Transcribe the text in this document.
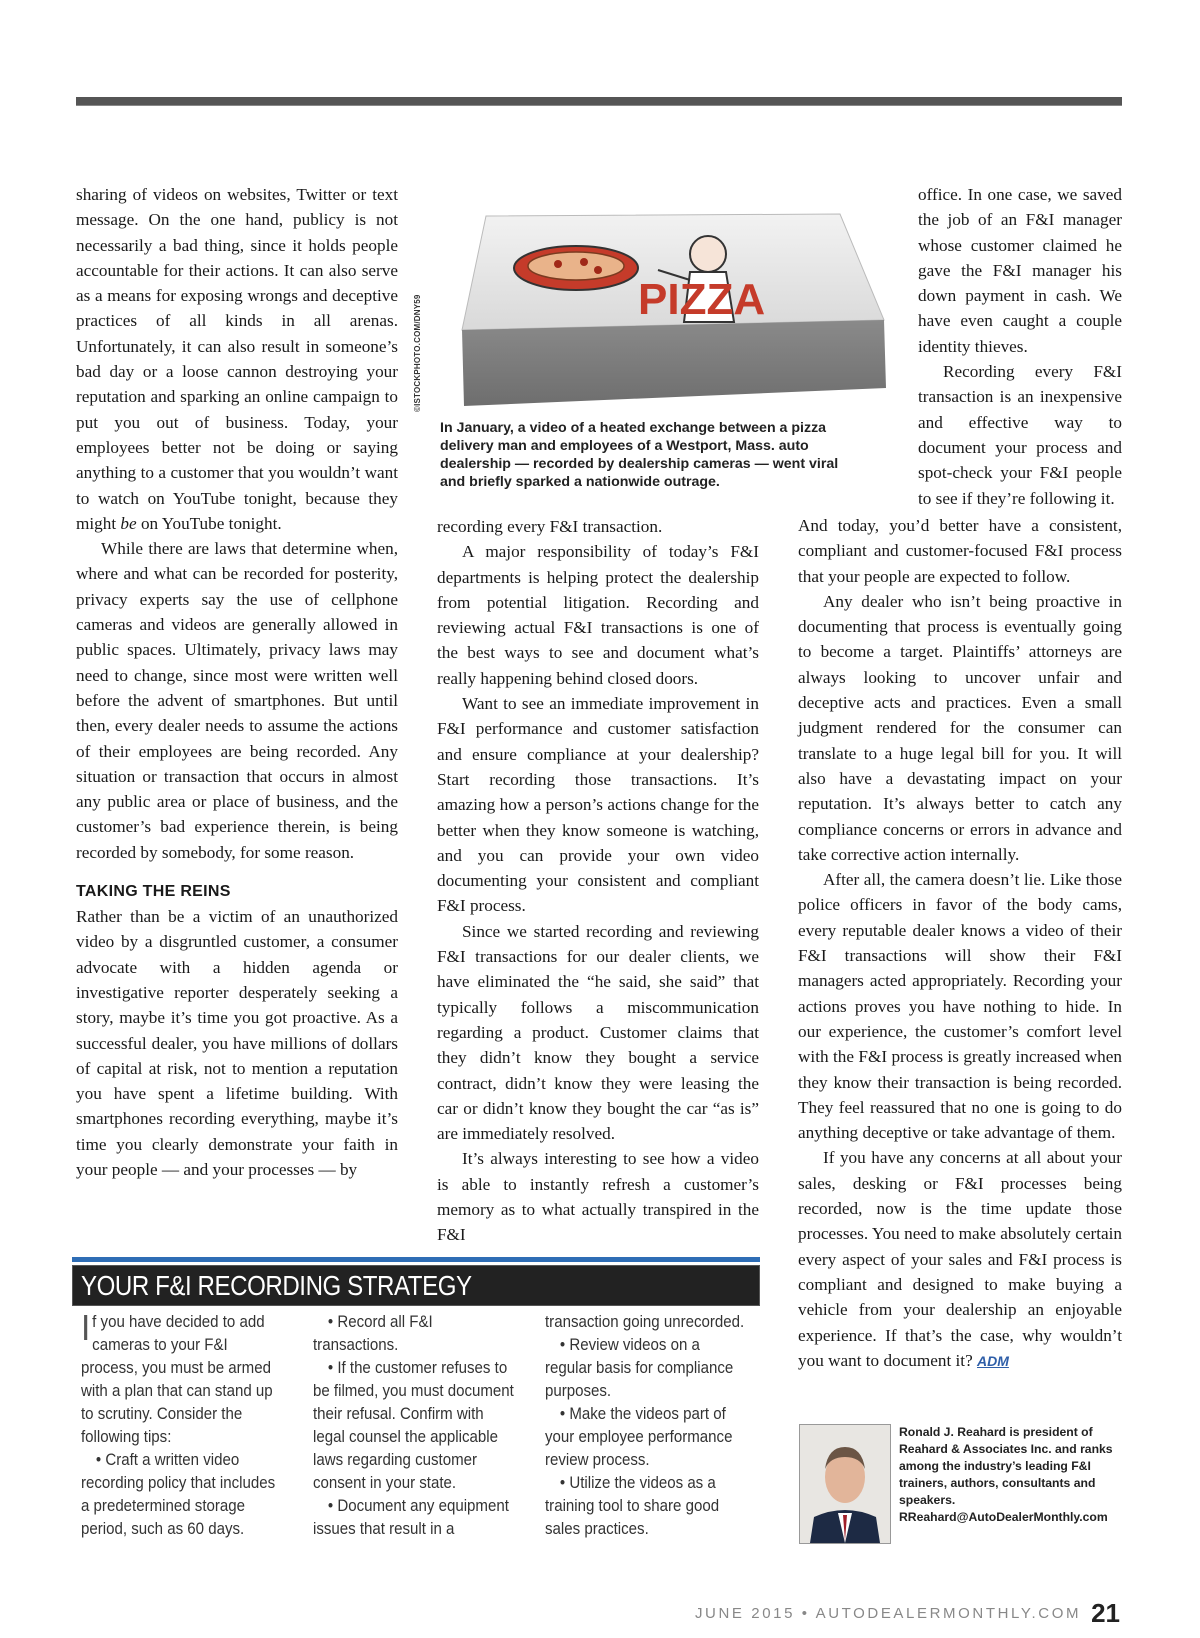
sharing of videos on websites, Twitter or text message. On the one hand, publicy is not necessarily a bad thing, since it holds people accountable for their actions. It can also serve as a means for exposing wrongs and deceptive practices of all kinds in all arenas. Unfortunately, it can also result in someone’s bad day or a loose cannon destroying your reputation and sparking an online campaign to put you out of business. Today, your employees better not be doing or saying anything to a customer that you wouldn’t want to watch on YouTube tonight, because they might be on YouTube tonight.

While there are laws that determine when, where and what can be recorded for posterity, privacy experts say the use of cellphone cameras and videos are generally allowed in public spaces. Ultimately, privacy laws may need to change, since most were written well before the advent of smartphones. But until then, every dealer needs to assume the actions of their employees are being recorded. Any situation or transaction that occurs in almost any public area or place of business, and the customer’s bad experience therein, is being recorded by somebody, for some reason.

TAKING THE REINS

Rather than be a victim of an unauthorized video by a disgruntled customer, a consumer advocate with a hidden agenda or investigative reporter desperately seeking a story, maybe it’s time you got proactive. As a successful dealer, you have millions of dollars of capital at risk, not to mention a reputation you have spent a lifetime building. With smartphones recording everything, maybe it’s time you clearly demonstrate your faith in your people — and your processes — by

PIZZA
©ISTOCKPHOTO.COM/DNY59
In January, a video of a heated exchange between a pizza delivery man and employees of a Westport, Mass. auto dealership — recorded by dealership cameras — went viral and briefly sparked a nationwide outrage.

recording every F&I transaction.

A major responsibility of today’s F&I departments is helping protect the dealership from potential litigation. Recording and reviewing actual F&I transactions is one of the best ways to see and document what’s really happening behind closed doors.

Want to see an immediate improvement in F&I performance and customer satisfaction and ensure compliance at your dealership? Start recording those transactions. It’s amazing how a person’s actions change for the better when they know someone is watching, and you can provide your own video documenting your consistent and compliant F&I process.

Since we started recording and reviewing F&I transactions for our dealer clients, we have eliminated the “he said, she said” that typically follows a miscommunication regarding a product. Customer claims that they didn’t know they bought a service contract, didn’t know they were leasing the car or didn’t know they bought the car “as is” are immediately resolved.

It’s always interesting to see how a video is able to instantly refresh a customer’s memory as to what actually transpired in the F&I

office. In one case, we saved the job of an F&I manager whose customer claimed he gave the F&I manager his down payment in cash. We have even caught a couple identity thieves.

Recording every F&I transaction is an inexpensive and effective way to document your process and spot-check your F&I people to see if they’re following it.

And today, you’d better have a consistent, compliant and customer-focused F&I process that your people are expected to follow.

Any dealer who isn’t being proactive in documenting that process is eventually going to become a target. Plaintiffs’ attorneys are always looking to uncover unfair and deceptive acts and practices. Even a small judgment rendered for the consumer can translate to a huge legal bill for you. It will also have a devastating impact on your reputation. It’s always better to catch any compliance concerns or errors in advance and take corrective action internally.

After all, the camera doesn’t lie. Like those police officers in favor of the body cams, every reputable dealer knows a video of their F&I transactions will show their F&I managers acted appropriately. Recording your actions proves you have nothing to hide. In our experience, the customer’s comfort level with the F&I process is greatly increased when they know their transaction is being recorded. They feel reassured that no one is going to do anything deceptive or take advantage of them.

If you have any concerns at all about your sales, desking or F&I processes being recorded, now is the time update those processes. You need to make absolutely certain every aspect of your sales and F&I process is compliant and designed to make buying a vehicle from your dealership an enjoyable experience. If that’s the case, why wouldn’t you want to document it? ADM

YOUR F&I RECORDING STRATEGY

If you have decided to add cameras to your F&I process, you must be armed with a plan that can stand up to scrutiny. Consider the following tips:

• Craft a written video recording policy that includes a predetermined storage period, such as 60 days.

• Record all F&I transactions.

• If the customer refuses to be filmed, you must document their refusal. Confirm with legal counsel the applicable laws regarding customer consent in your state.

• Document any equipment issues that result in a

transaction going unrecorded.

• Review videos on a regular basis for compliance purposes.

• Make the videos part of your employee performance review process.

• Utilize the videos as a training tool to share good sales practices.

Ronald J. Reahard is president of Reahard & Associates Inc. and ranks among the industry’s leading F&I trainers, authors, consultants and speakers.
RReahard@AutoDealerMonthly.com
JUNE 2015 • AUTODEALERMONTHLY.COM 21
